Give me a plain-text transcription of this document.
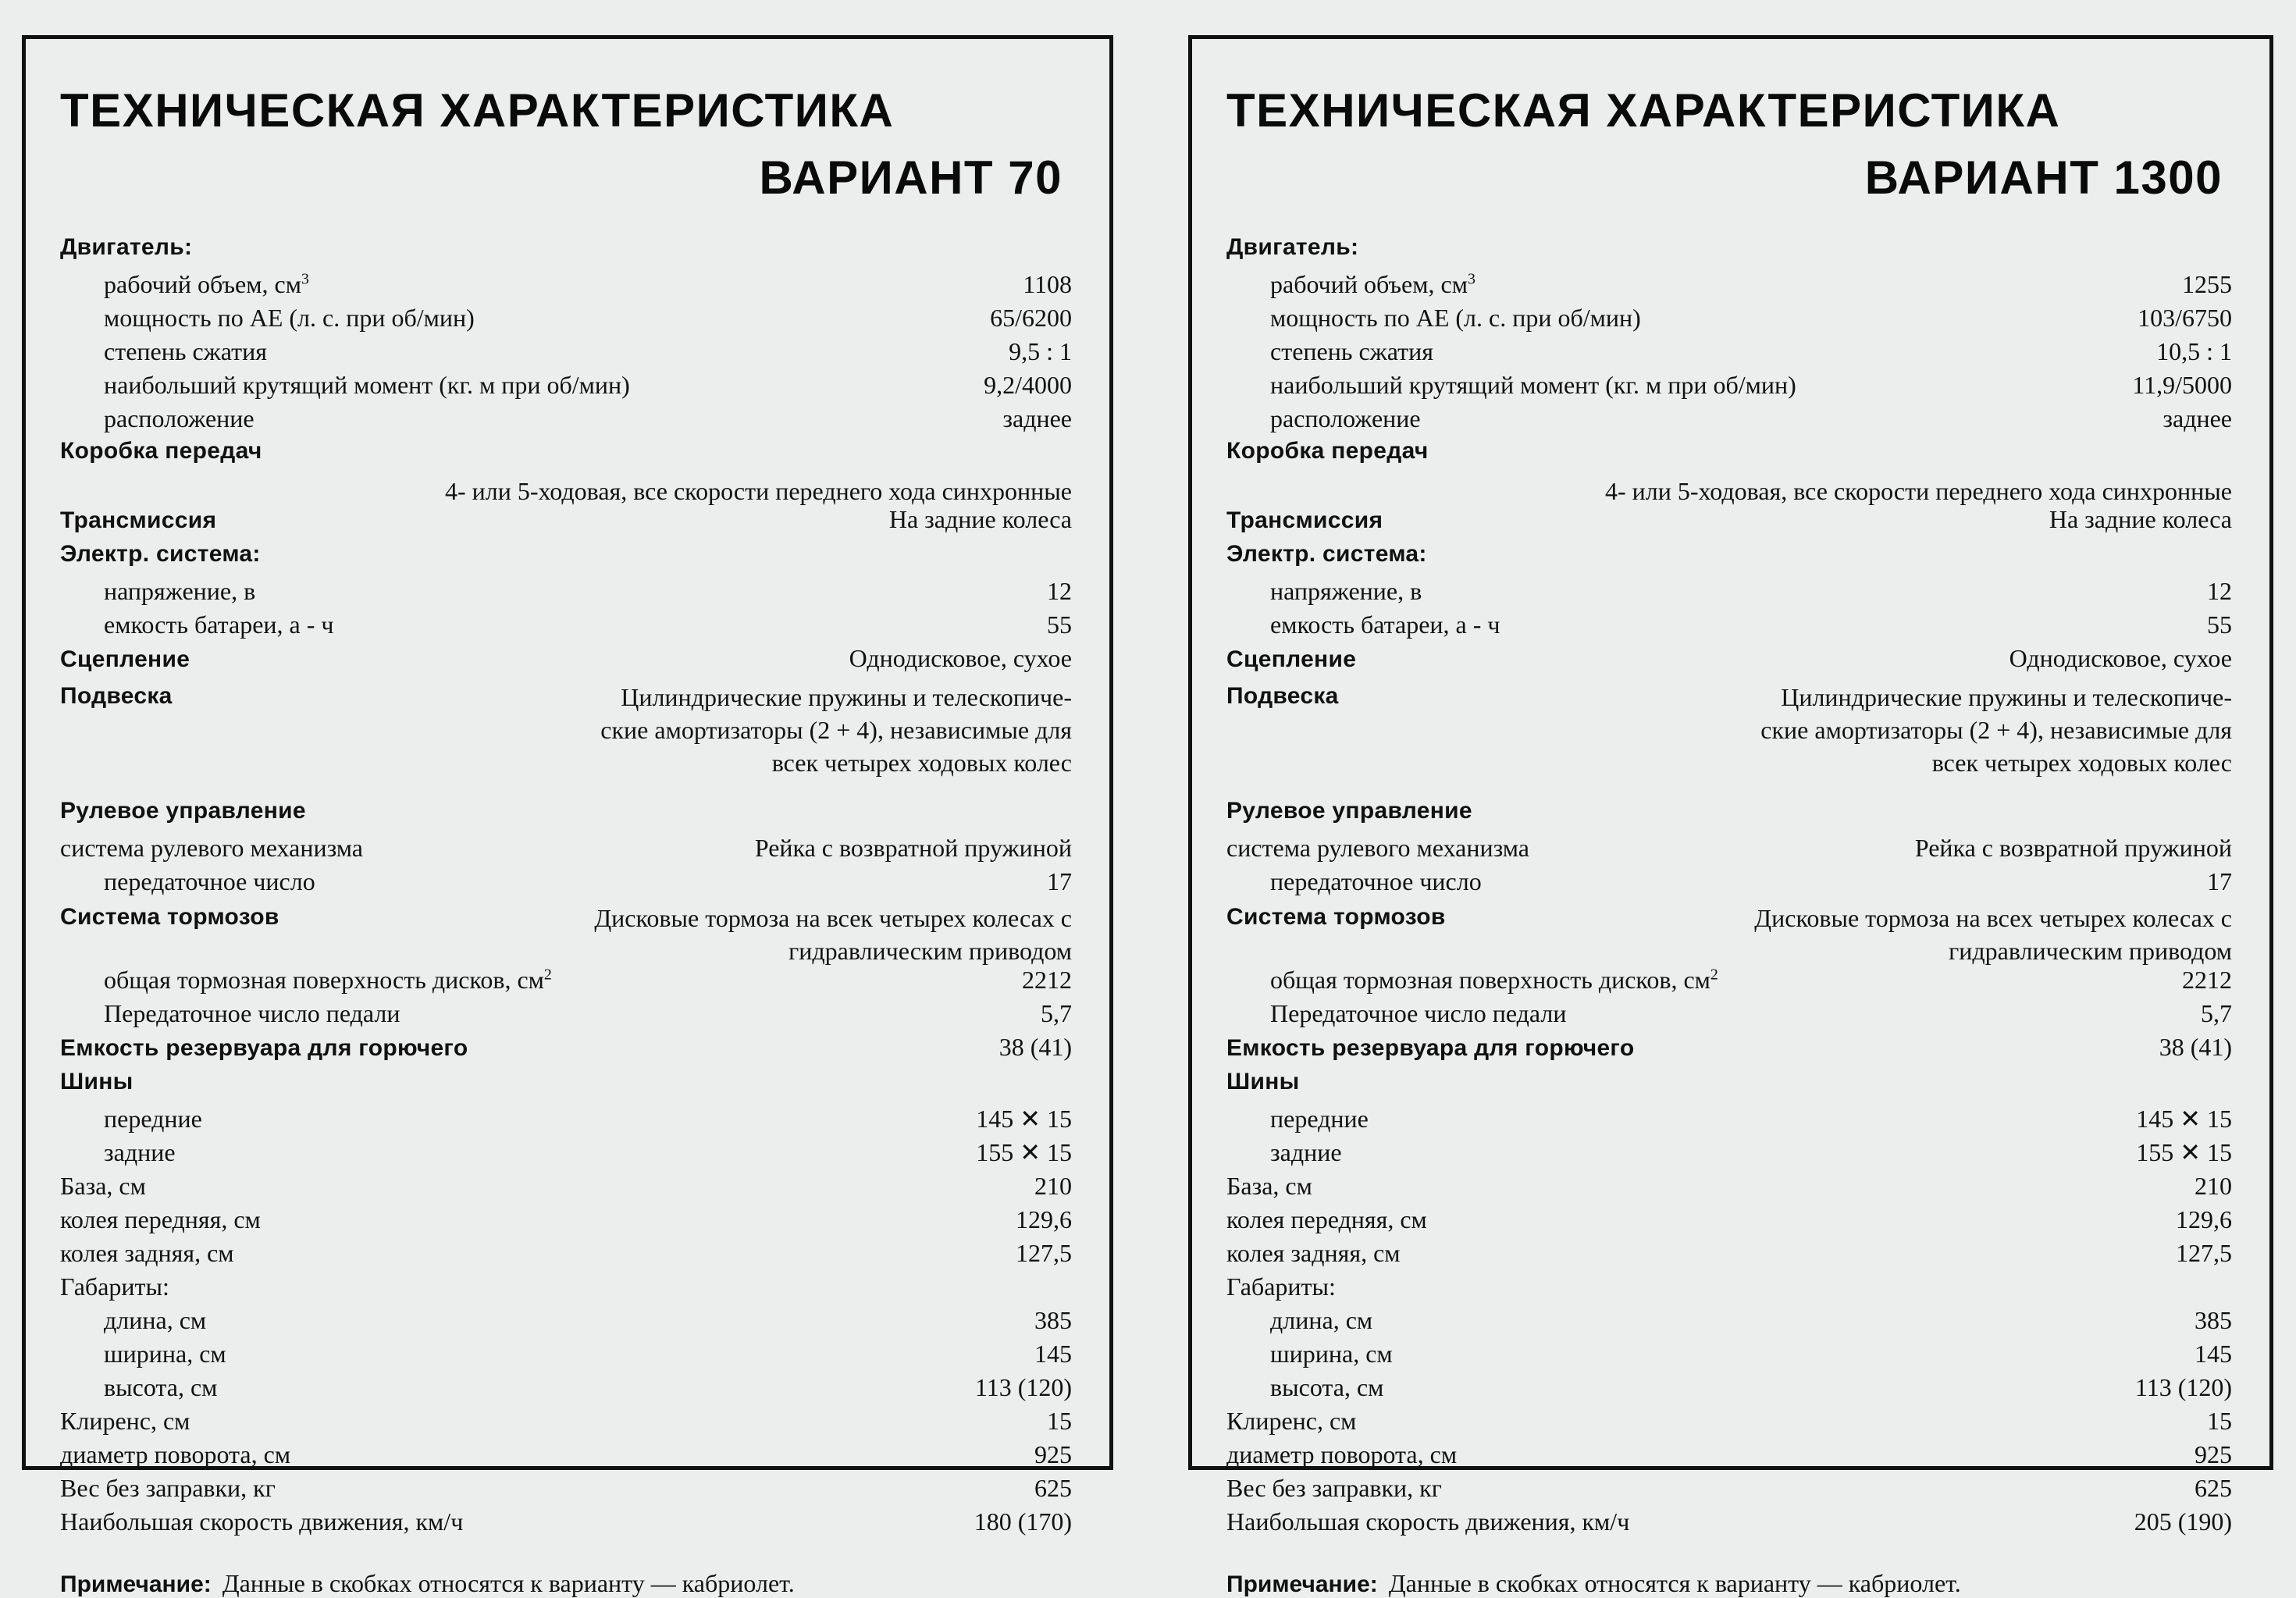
ТЕХНИЧЕСКАЯ ХАРАКТЕРИСТИКА
ВАРИАНТ 70
Двигатель:
рабочий объем, $см^3$	1108
мощность по АЕ (л. с. при об/мин)	65/6200
степень сжатия	9,5 : 1
наибольший крутящий момент (кг. м при об/мин)	9,2/4000
расположение	заднее
Коробка передач
4- или 5-ходовая, все скорости переднего хода синхронные
Трансмиссия	На задние колеса
Электр. система:
напряжение, в	12
емкость батареи, а - ч	55
Сцепление	Однодисковое, сухое
Подвеска	Цилиндрические пружины и телескопиче-
ские амортизаторы (2 + 4), независимые для
всек четырех ходовых колес
Рулевое управление
система рулевого механизма	Рейка с возвратной пружиной
передаточное число	17
Система тормозов	Дисковые тормоза на всек четырех колесах с
гидравлическим приводом
общая тормозная поверхность дисков, $см^2$	2212
Передаточное число педали	5,7
Емкость резервуара для горючего	38 (41)
Шины
передние	145 ✕ 15
задние	155 ✕ 15
База, см	210
колея передняя, см	129,6
колея задняя, см	127,5
Габариты:
длина, см	385
ширина, см	145
высота, см	113 (120)
Клиренс, см	15
диаметр поворота, см	925
Вес без заправки, кг	625
Наибольшая скорость движения, км/ч	180 (170)
Примечание: Данные в скобках относятся к варианту — кабриолет.
ТЕХНИЧЕСКАЯ ХАРАКТЕРИСТИКА
ВАРИАНТ 1300
Двигатель:
рабочий объем, $см^3$	1255
мощность по АЕ (л. с. при об/мин)	103/6750
степень сжатия	10,5 : 1
наибольший крутящий момент (кг. м при об/мин)	11,9/5000
расположение	заднее
Коробка передач
4- или 5-ходовая, все скорости переднего хода синхронные
Трансмиссия	На задние колеса
Электр. система:
напряжение, в	12
емкость батареи, а - ч	55
Сцепление	Однодисковое, сухое
Подвеска	Цилиндрические пружины и телескопиче-
ские амортизаторы (2 + 4), независимые для
всек четырех ходовых колес
Рулевое управление
система рулевого механизма	Рейка с возвратной пружиной
передаточное число	17
Система тормозов	Дисковые тормоза на всех четырех колесах с
гидравлическим приводом
общая тормозная поверхность дисков, $см^2$	2212
Передаточное число педали	5,7
Емкость резервуара для горючего	38 (41)
Шины
передние	145 ✕ 15
задние	155 ✕ 15
База, см	210
колея передняя, см	129,6
колея задняя, см	127,5
Габариты:
длина, см	385
ширина, см	145
высота, см	113 (120)
Клиренс, см	15
диаметр поворота, см	925
Вес без заправки, кг	625
Наибольшая скорость движения, км/ч	205 (190)
Примечание: Данные в скобках относятся к варианту — кабриолет.
